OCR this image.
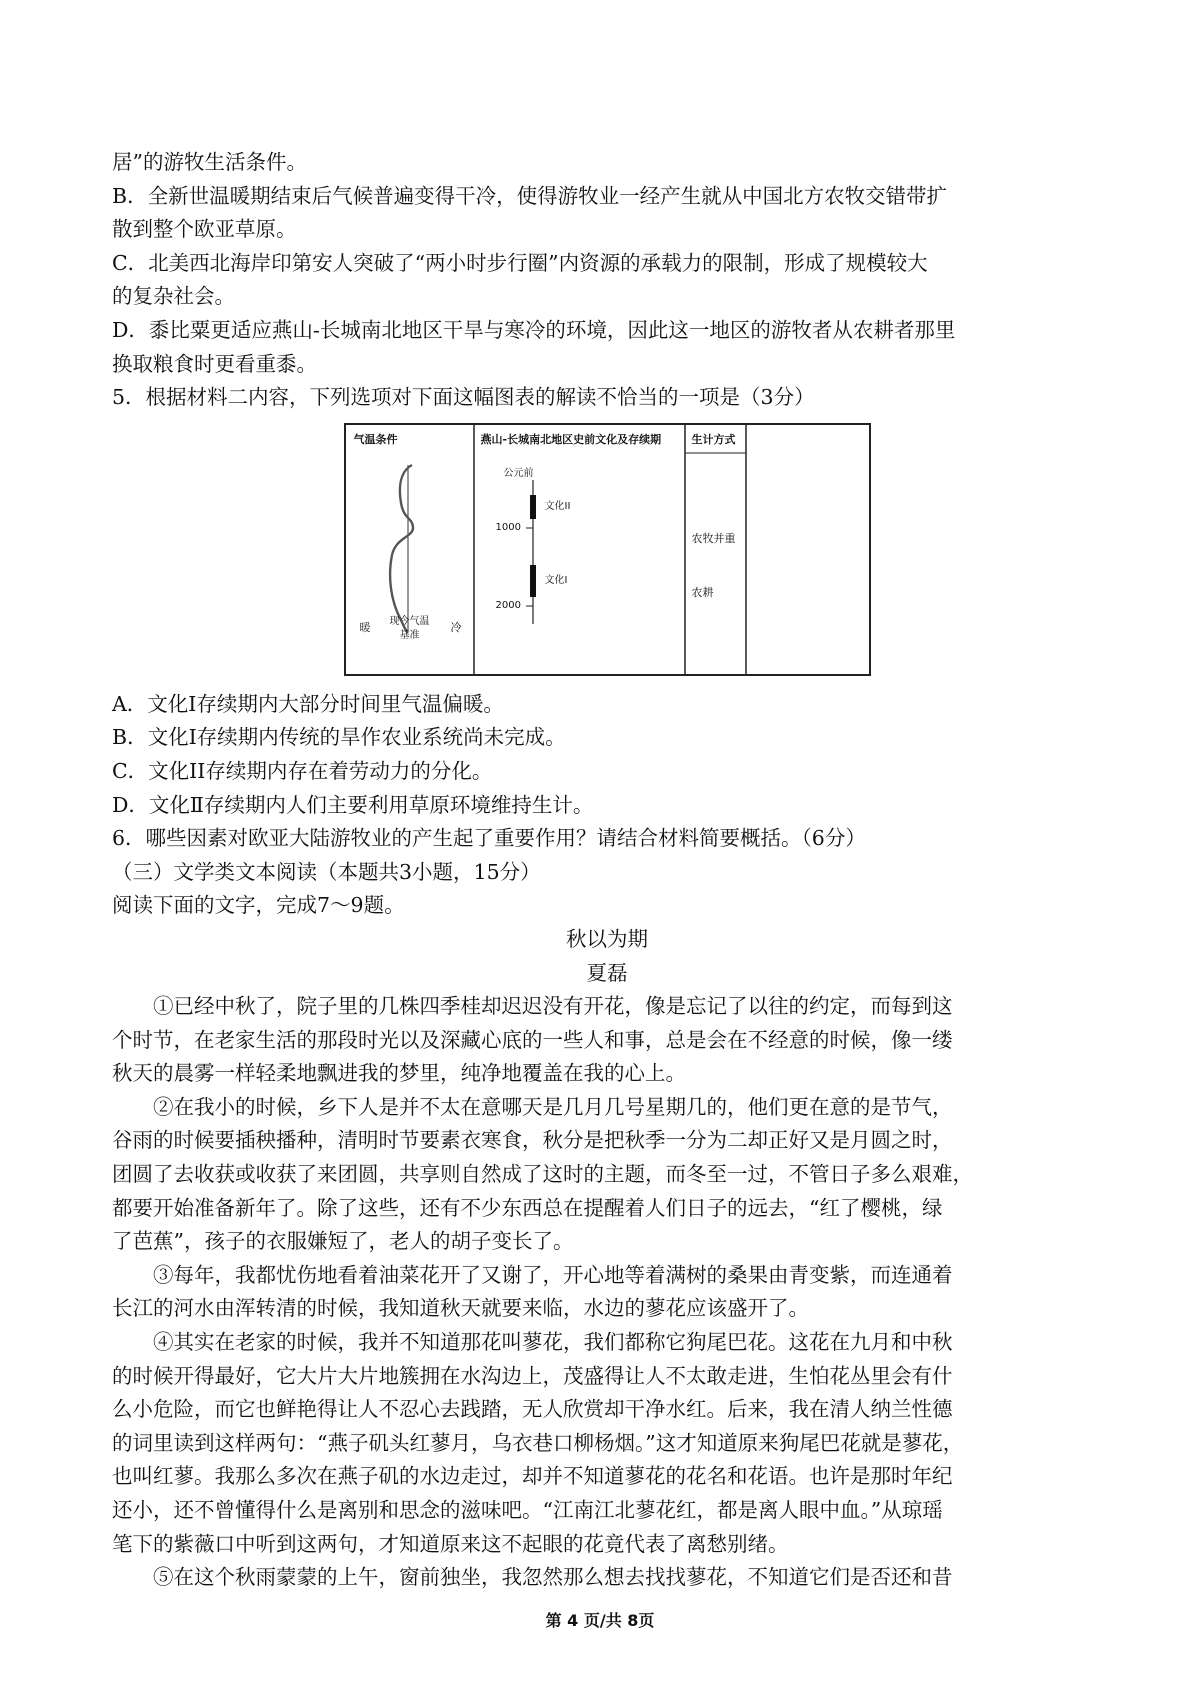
居”的游牧生活条件。
B．全新世温暖期结束后气候普遍变得干冷，使得游牧业一经产生就从中国北方农牧交错带扩
散到整个欧亚草原。
C．北美西北海岸印第安人突破了“两小时步行圈”内资源的承载力的限制，形成了规模较大
的复杂社会。
D．黍比粟更适应燕山-长城南北地区干旱与寒冷的环境，因此这一地区的游牧者从农耕者那里
换取粮食时更看重黍。
5．根据材料二内容，下列选项对下面这幅图表的解读不恰当的一项是（3分）
气温条件	燕山-长城南北地区史前文化及存续期	生计方式
暖	冷
现今气温
基准
公元前
1000
2000
文化II
文化I
农牧并重
农耕
A．文化Ⅰ存续期内大部分时间里气温偏暖。
B．文化Ⅰ存续期内传统的旱作农业系统尚未完成。
C．文化II存续期内存在着劳动力的分化。
D．文化Ⅱ存续期内人们主要利用草原环境维持生计。
6．哪些因素对欧亚大陆游牧业的产生起了重要作用？请结合材料简要概括。（6分）
（三）文学类文本阅读（本题共3小题，15分）
阅读下面的文字，完成7～9题。
秋以为期
夏磊
①已经中秋了，院子里的几株四季桂却迟迟没有开花，像是忘记了以往的约定，而每到这
个时节，在老家生活的那段时光以及深藏心底的一些人和事，总是会在不经意的时候，像一缕
秋天的晨雾一样轻柔地飘进我的梦里，纯净地覆盖在我的心上。
②在我小的时候，乡下人是并不太在意哪天是几月几号星期几的，他们更在意的是节气，
谷雨的时候要插秧播种，清明时节要素衣寒食，秋分是把秋季一分为二却正好又是月圆之时，
团圆了去收获或收获了来团圆，共享则自然成了这时的主题，而冬至一过，不管日子多么艰难，
都要开始准备新年了。除了这些，还有不少东西总在提醒着人们日子的远去，“红了樱桃，绿
了芭蕉”，孩子的衣服嫌短了，老人的胡子变长了。
③每年，我都忧伤地看着油菜花开了又谢了，开心地等着满树的桑果由青变紫，而连通着
长江的河水由浑转清的时候，我知道秋天就要来临，水边的蓼花应该盛开了。
④其实在老家的时候，我并不知道那花叫蓼花，我们都称它狗尾巴花。这花在九月和中秋
的时候开得最好，它大片大片地簇拥在水沟边上，茂盛得让人不太敢走进，生怕花丛里会有什
么小危险，而它也鲜艳得让人不忍心去践踏，无人欣赏却干净水红。后来，我在清人纳兰性德
的词里读到这样两句：“燕子矶头红蓼月，乌衣巷口柳杨烟。”这才知道原来狗尾巴花就是蓼花，
也叫红蓼。我那么多次在燕子矶的水边走过，却并不知道蓼花的花名和花语。也许是那时年纪
还小，还不曾懂得什么是离别和思念的滋味吧。“江南江北蓼花红，都是离人眼中血。”从琼瑶
笔下的紫薇口中听到这两句，才知道原来这不起眼的花竟代表了离愁别绪。
⑤在这个秋雨蒙蒙的上午，窗前独坐，我忽然那么想去找找蓼花，不知道它们是否还和昔
第 4 页/共 8页
